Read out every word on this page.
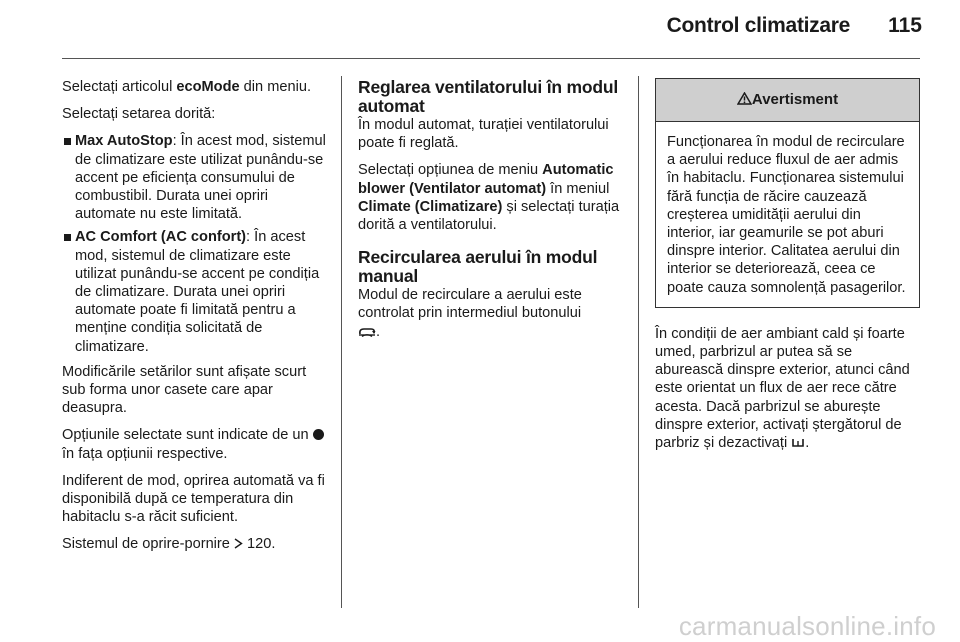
Control climatizare 115

Selectați articolul ecoMode din meniu.

Selectați setarea dorită:

Max AutoStop: În acest mod, sistemul de climatizare este utilizat punându-se accent pe eficiența consumului de combustibil. Durata unei opriri automate nu este limitată.
AC Comfort (AC confort): În acest mod, sistemul de climatizare este utilizat punându-se accent pe condiția de climatizare. Durata unei opriri automate poate fi limitată pentru a menține condiția solicitată de climatizare.

Modificările setărilor sunt afișate scurt sub forma unor casete care apar deasupra.

Opțiunile selectate sunt indicate de un  în fața opțiunii respective.

Indiferent de mod, oprirea automată va fi disponibilă după ce temperatura din habitaclu s-a răcit suficient.

Sistemul de oprire-pornire  120.

Reglarea ventilatorului în modul automat

În modul automat, turației ventilatorului poate fi reglată.

Selectați opțiunea de meniu Automatic blower (Ventilator automat) în meniul Climate (Climatizare) și selectați turația dorită a ventilatorului.

Recircularea aerului în modul manual

Modul de recirculare a aerului este controlat prin intermediul butonului
.

Avertisment
Funcționarea în modul de recirculare a aerului reduce fluxul de aer admis în habitaclu. Funcționarea sistemului fără funcția de răcire cauzează creșterea umidității aerului din interior, iar geamurile se pot aburi dinspre interior. Calitatea aerului din interior se deteriorează, ceea ce poate cauza somnolență pasagerilor.

În condiții de aer ambiant cald și foarte umed, parbrizul ar putea să se aburească dinspre exterior, atunci când este orientat un flux de aer rece către acesta. Dacă parbrizul se aburește dinspre exterior, activați ștergătorul de parbriz și dezactivați .

carmanualsonline.info
